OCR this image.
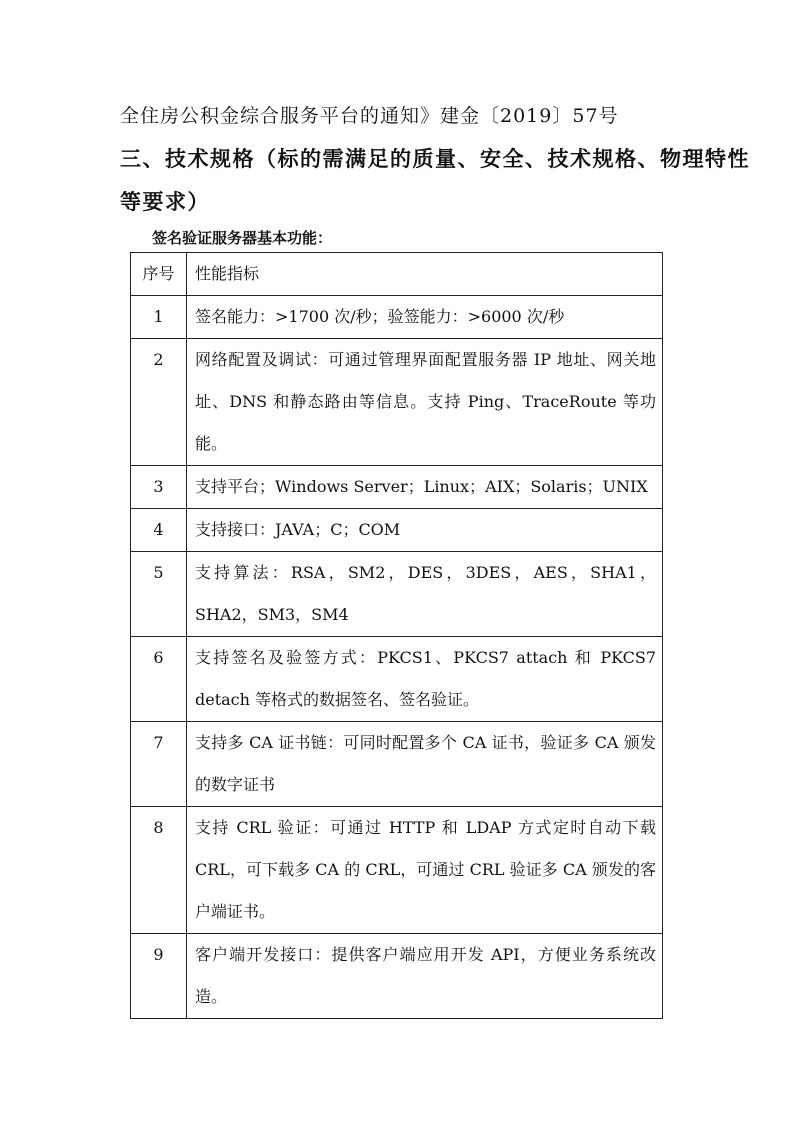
全住房公积金综合服务平台的通知》建金〔2019〕57号
三、技术规格（标的需满足的质量、安全、技术规格、物理特性
等要求）
签名验证服务器基本功能：
序号	性能指标
1	签名能力：>1700 次/秒；验签能力：>6000 次/秒
2	网络配置及调试：可通过管理界面配置服务器 IP 地址、网关地址、DNS 和静态路由等信息。支持 Ping、TraceRoute 等功能。
3	支持平台；Windows Server；Linux；AIX；Solaris；UNIX
4	支持接口：JAVA；C；COM
5	支持算法：RSA，SM2，DES，3DES，AES，SHA1，SHA2，SM3，SM4
6	支持签名及验签方式：PKCS1、PKCS7 attach 和 PKCS7 detach 等格式的数据签名、签名验证。
7	支持多 CA 证书链：可同时配置多个 CA 证书，验证多 CA 颁发的数字证书
8	支持 CRL 验证：可通过 HTTP 和 LDAP 方式定时自动下载 CRL，可下载多 CA 的 CRL，可通过 CRL 验证多 CA 颁发的客户端证书。
9	客户端开发接口：提供客户端应用开发 API，方便业务系统改造。
